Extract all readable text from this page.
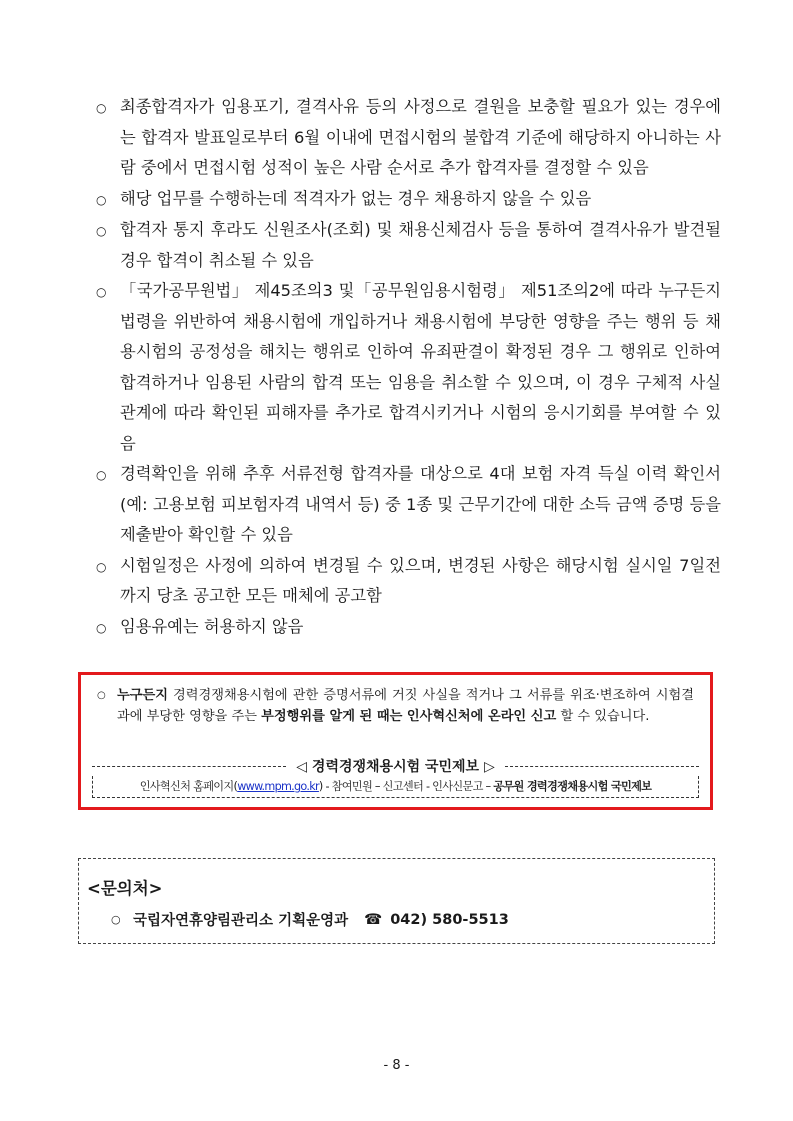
○ 최종합격자가 임용포기, 결격사유 등의 사정으로 결원을 보충할 필요가 있는 경우에는 합격자 발표일로부터 6월 이내에 면접시험의 불합격 기준에 해당하지 아니하는 사람 중에서 면접시험 성적이 높은 사람 순서로 추가 합격자를 결정할 수 있음
○ 해당 업무를 수행하는데 적격자가 없는 경우 채용하지 않을 수 있음
○ 합격자 통지 후라도 신원조사(조회) 및 채용신체검사 등을 통하여 결격사유가 발견될 경우 합격이 취소될 수 있음
○ 「국가공무원법」 제45조의3 및「공무원임용시험령」 제51조의2에 따라 누구든지 법령을 위반하여 채용시험에 개입하거나 채용시험에 부당한 영향을 주는 행위 등 채용시험의 공정성을 해치는 행위로 인하여 유죄판결이 확정된 경우 그 행위로 인하여 합격하거나 임용된 사람의 합격 또는 임용을 취소할 수 있으며, 이 경우 구체적 사실관계에 따라 확인된 피해자를 추가로 합격시키거나 시험의 응시기회를 부여할 수 있음
○ 경력확인을 위해 추후 서류전형 합격자를 대상으로 4대 보험 자격 득실 이력 확인서(예: 고용보험 피보험자격 내역서 등) 중 1종 및 근무기간에 대한 소득 금액 증명 등을 제출받아 확인할 수 있음
○ 시험일정은 사정에 의하여 변경될 수 있으며, 변경된 사항은 해당시험 실시일 7일전까지 당초 공고한 모든 매체에 공고함
○ 임용유예는 허용하지 않음
○ 누구든지 경력경쟁채용시험에 관한 증명서류에 거짓 사실을 적거나 그 서류를 위조·변조하여 시험결과에 부당한 영향을 주는 부정행위를 알게 된 때는 인사혁신처에 온라인 신고 할 수 있습니다.
◁ 경력경쟁채용시험 국민제보 ▷
인사혁신처 홈페이지(www.mpm.go.kr) - 참여민원 – 신고센터 - 인사신문고 – 공무원 경력경쟁채용시험 국민제보
<문의처>
○ 국립자연휴양림관리소 기획운영과 ☎ 042) 580-5513
- 8 -
